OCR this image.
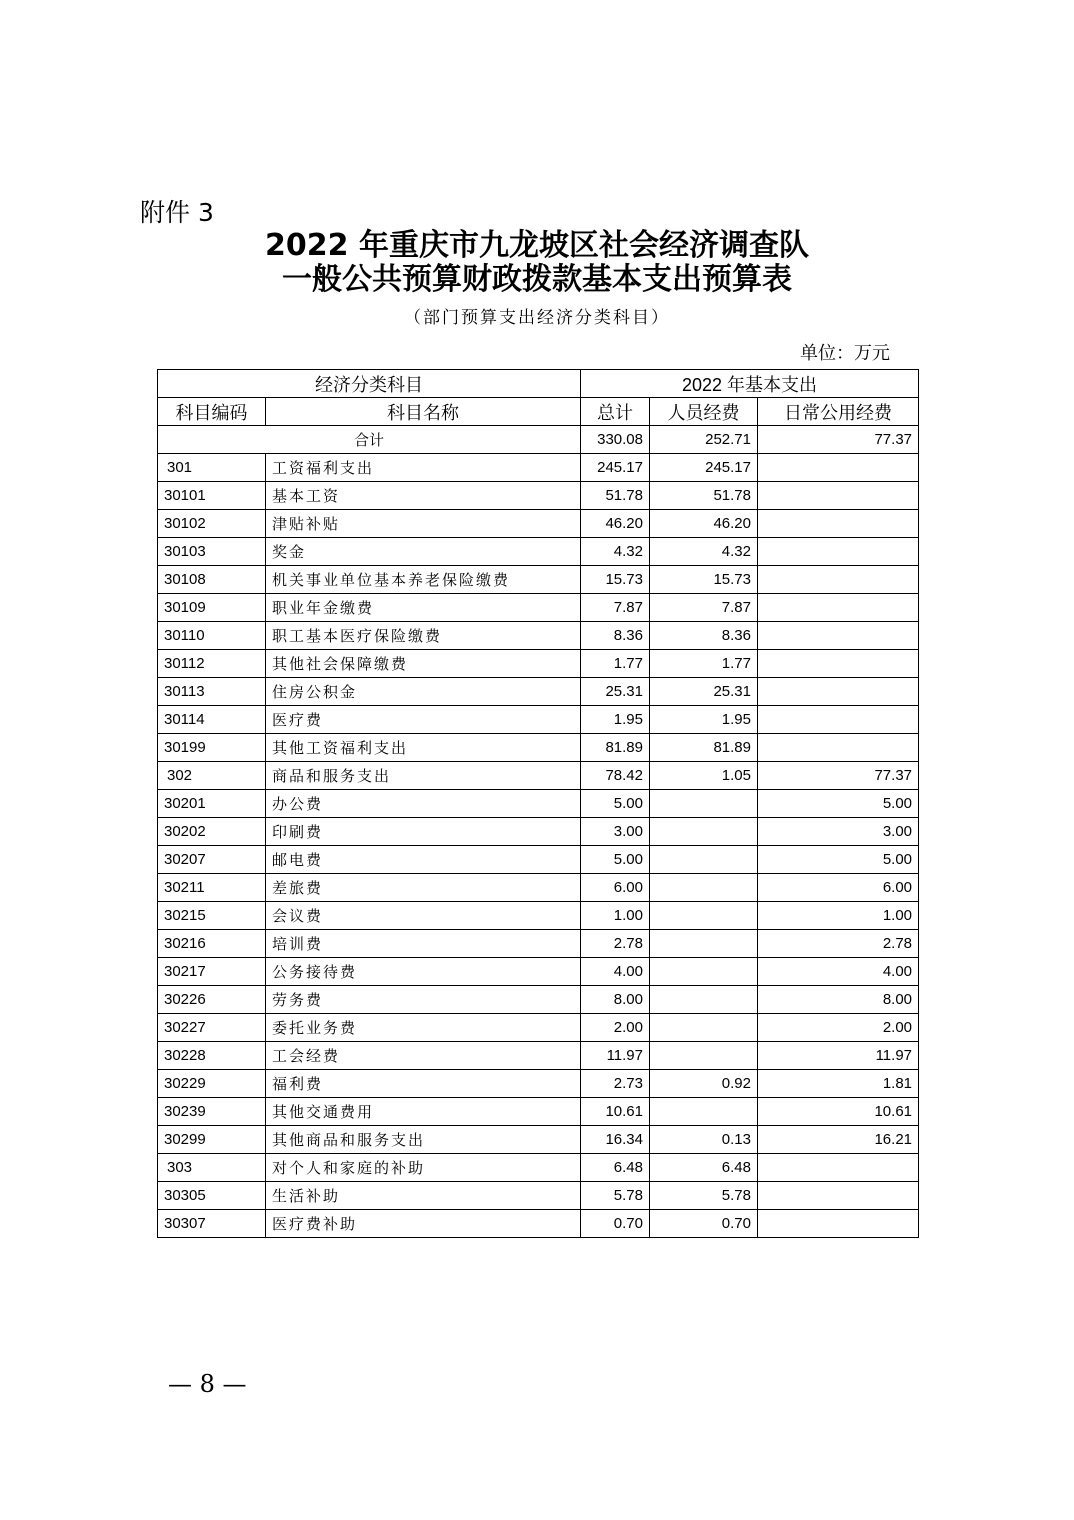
附件 3
2022 年重庆市九龙坡区社会经济调查队
一般公共预算财政拨款基本支出预算表
（部门预算支出经济分类科目）
单位：万元
经济分类科目		2022 年基本支出		
科目编码	科目名称	总计	人员经费	日常公用经费
合计		330.08	252.71	77.37
301	工资福利支出	245.17	245.17	
30101	基本工资	51.78	51.78	
30102	津贴补贴	46.20	46.20	
30103	奖金	4.32	4.32	
30108	机关事业单位基本养老保险缴费	15.73	15.73	
30109	职业年金缴费	7.87	7.87	
30110	职工基本医疗保险缴费	8.36	8.36	
30112	其他社会保障缴费	1.77	1.77	
30113	住房公积金	25.31	25.31	
30114	医疗费	1.95	1.95	
30199	其他工资福利支出	81.89	81.89	
302	商品和服务支出	78.42	1.05	77.37
30201	办公费	5.00		5.00
30202	印刷费	3.00		3.00
30207	邮电费	5.00		5.00
30211	差旅费	6.00		6.00
30215	会议费	1.00		1.00
30216	培训费	2.78		2.78
30217	公务接待费	4.00		4.00
30226	劳务费	8.00		8.00
30227	委托业务费	2.00		2.00
30228	工会经费	11.97		11.97
30229	福利费	2.73	0.92	1.81
30239	其他交通费用	10.61		10.61
30299	其他商品和服务支出	16.34	0.13	16.21
303	对个人和家庭的补助	6.48	6.48	
30305	生活补助	5.78	5.78	
30307	医疗费补助	0.70	0.70	
— 8 —
